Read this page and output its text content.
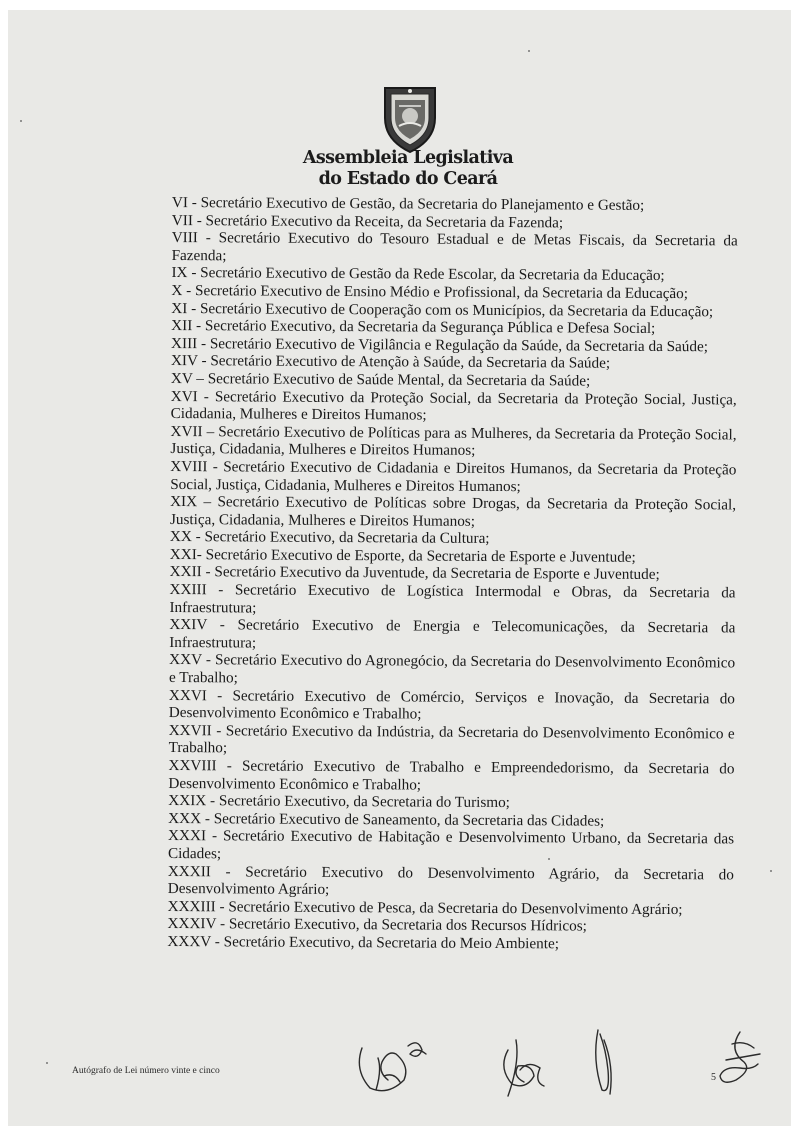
Assembleia Legislativa
do Estado do Ceará

VI - Secretário Executivo de Gestão, da Secretaria do Planejamento e Gestão;

VII - Secretário Executivo da Receita, da Secretaria da Fazenda;

VIII - Secretário Executivo do Tesouro Estadual e de Metas Fiscais, da Secretaria da Fazenda;

IX - Secretário Executivo de Gestão da Rede Escolar, da Secretaria da Educação;

X - Secretário Executivo de Ensino Médio e Profissional, da Secretaria da Educação;

XI - Secretário Executivo de Cooperação com os Municípios, da Secretaria da Educação;

XII - Secretário Executivo, da Secretaria da Segurança Pública e Defesa Social;

XIII - Secretário Executivo de Vigilância e Regulação da Saúde, da Secretaria da Saúde;

XIV - Secretário Executivo de Atenção à Saúde, da Secretaria da Saúde;

XV – Secretário Executivo de Saúde Mental, da Secretaria da Saúde;

XVI - Secretário Executivo da Proteção Social, da Secretaria da Proteção Social, Justiça, Cidadania, Mulheres e Direitos Humanos;

XVII – Secretário Executivo de Políticas para as Mulheres, da Secretaria da Proteção Social, Justiça, Cidadania, Mulheres e Direitos Humanos;

XVIII - Secretário Executivo de Cidadania e Direitos Humanos, da Secretaria da Proteção Social, Justiça, Cidadania, Mulheres e Direitos Humanos;

XIX – Secretário Executivo de Políticas sobre Drogas, da Secretaria da Proteção Social, Justiça, Cidadania, Mulheres e Direitos Humanos;

XX - Secretário Executivo, da Secretaria da Cultura;

XXI- Secretário Executivo de Esporte, da Secretaria de Esporte e Juventude;

XXII - Secretário Executivo da Juventude, da Secretaria de Esporte e Juventude;

XXIII - Secretário Executivo de Logística Intermodal e Obras, da Secretaria da Infraestrutura;

XXIV - Secretário Executivo de Energia e Telecomunicações, da Secretaria da Infraestrutura;

XXV - Secretário Executivo do Agronegócio, da Secretaria do Desenvolvimento Econômico e Trabalho;

XXVI - Secretário Executivo de Comércio, Serviços e Inovação, da Secretaria do Desenvolvimento Econômico e Trabalho;

XXVII - Secretário Executivo da Indústria, da Secretaria do Desenvolvimento Econômico e Trabalho;

XXVIII - Secretário Executivo de Trabalho e Empreendedorismo, da Secretaria do Desenvolvimento Econômico e Trabalho;

XXIX - Secretário Executivo, da Secretaria do Turismo;

XXX - Secretário Executivo de Saneamento, da Secretaria das Cidades;

XXXI - Secretário Executivo de Habitação e Desenvolvimento Urbano, da Secretaria das Cidades;

XXXII - Secretário Executivo do Desenvolvimento Agrário, da Secretaria do Desenvolvimento Agrário;

XXXIII - Secretário Executivo de Pesca, da Secretaria do Desenvolvimento Agrário;

XXXIV - Secretário Executivo, da Secretaria dos Recursos Hídricos;

XXXV - Secretário Executivo, da Secretaria do Meio Ambiente;

Autógrafo de Lei número vinte e cinco
5
